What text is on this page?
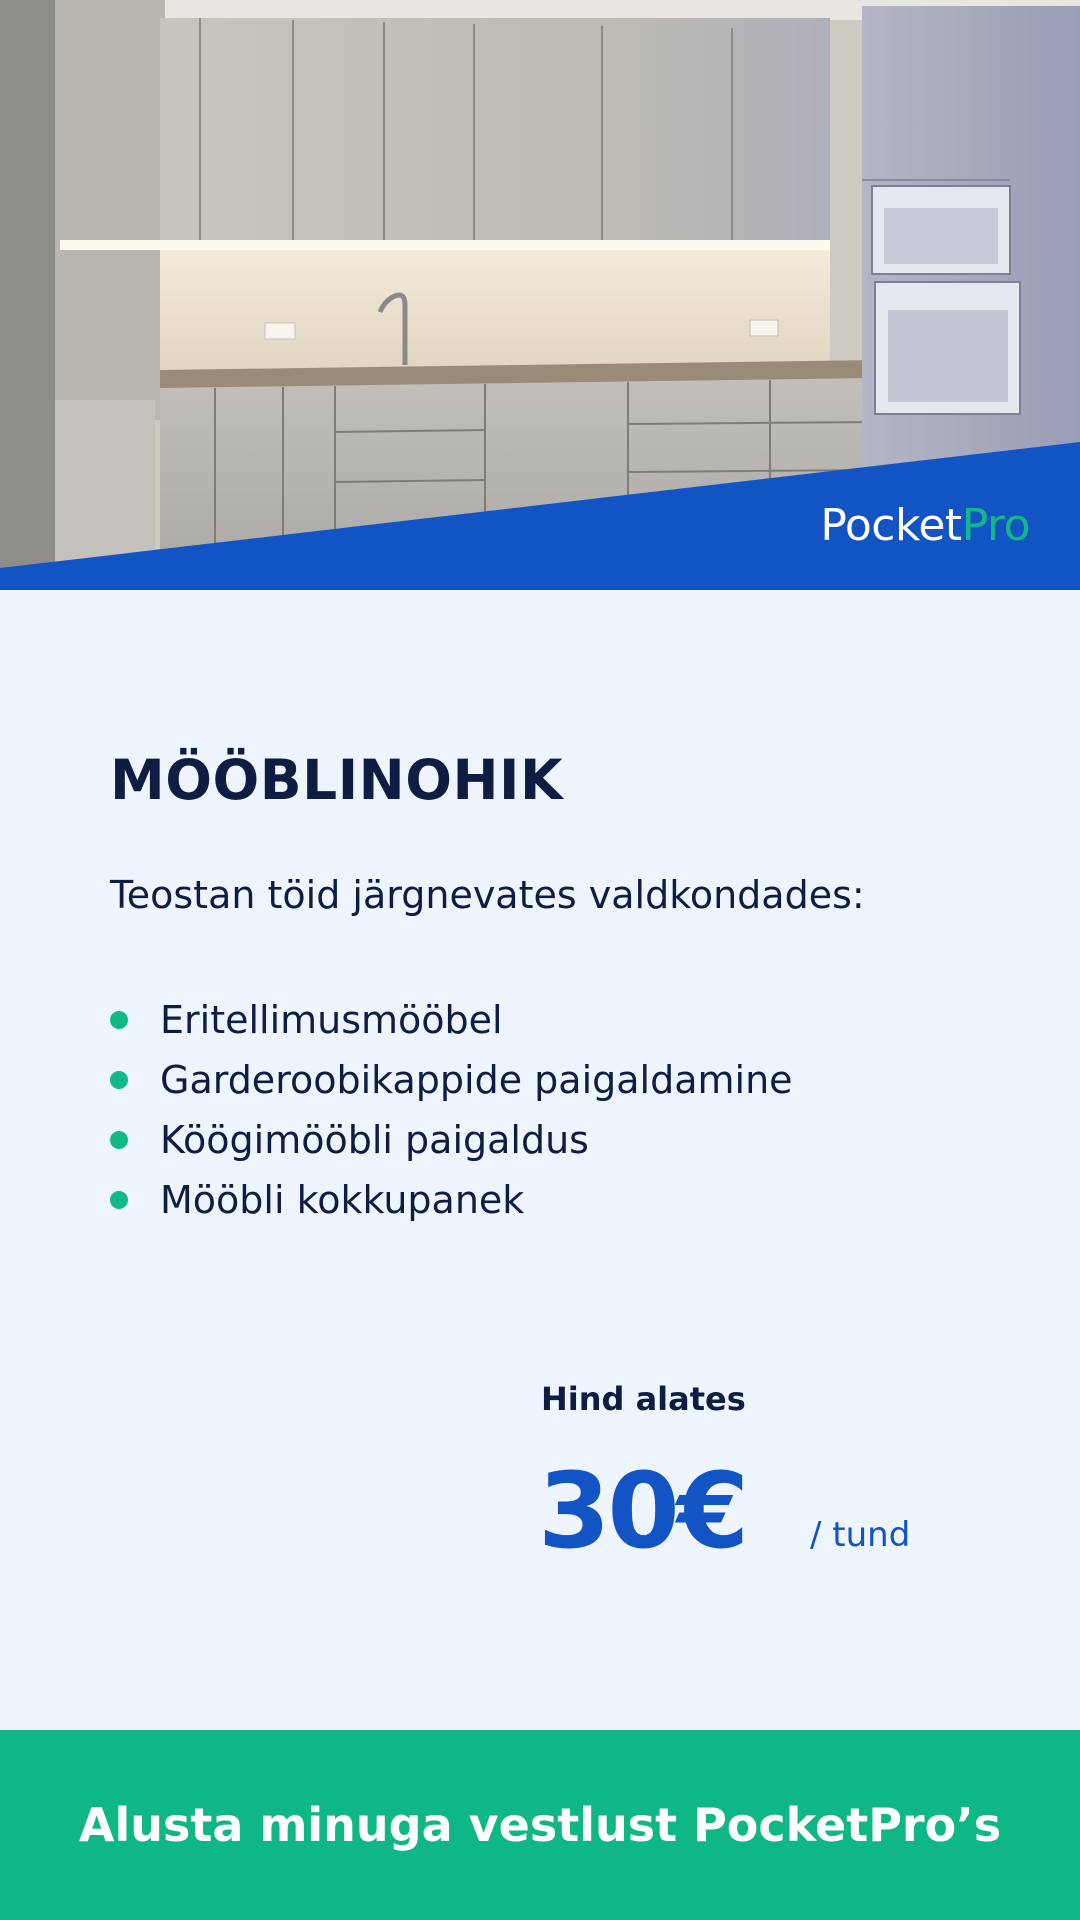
PocketPro
MÖÖBLINOHIK

Teostan töid järgnevates valdkondades:

Eritellimusmööbel
Garderoobikappide paigaldamine
Köögimööbli paigaldus
Mööbli kokkupanek
Hind alates
30€ / tund
Alusta minuga vestlust PocketPro’s
